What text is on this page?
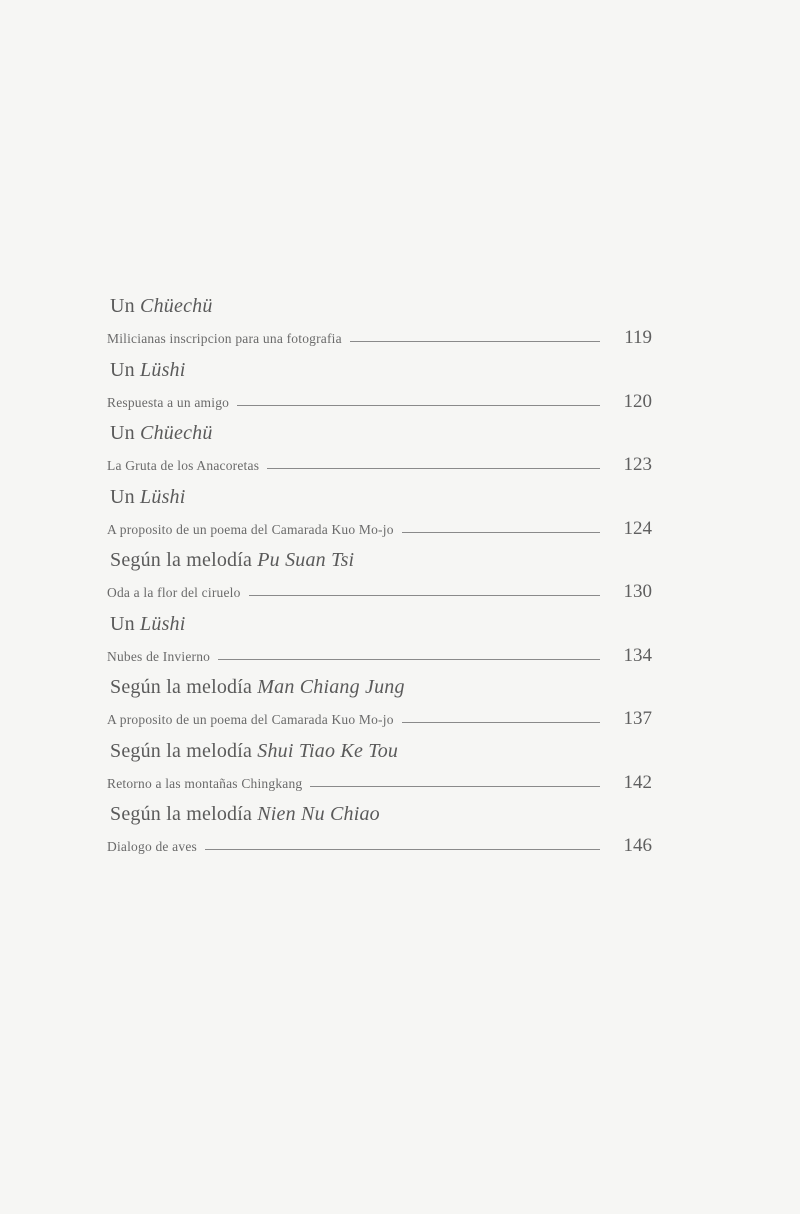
Un Chüechü
Milicianas inscripcion para una fotografia	119
Un Lüshi
Respuesta a un amigo	120
Un Chüechü
La Gruta de los Anacoretas	123
Un Lüshi
A proposito de un poema del Camarada Kuo Mo-jo	124
Según la melodía Pu Suan Tsi
Oda a la flor del ciruelo	130
Un Lüshi
Nubes de Invierno	134
Según la melodía Man Chiang Jung
A proposito de un poema del Camarada Kuo Mo-jo	137
Según la melodía Shui Tiao Ke Tou
Retorno a las montañas Chingkang	142
Según la melodía Nien Nu Chiao
Dialogo de aves	146
